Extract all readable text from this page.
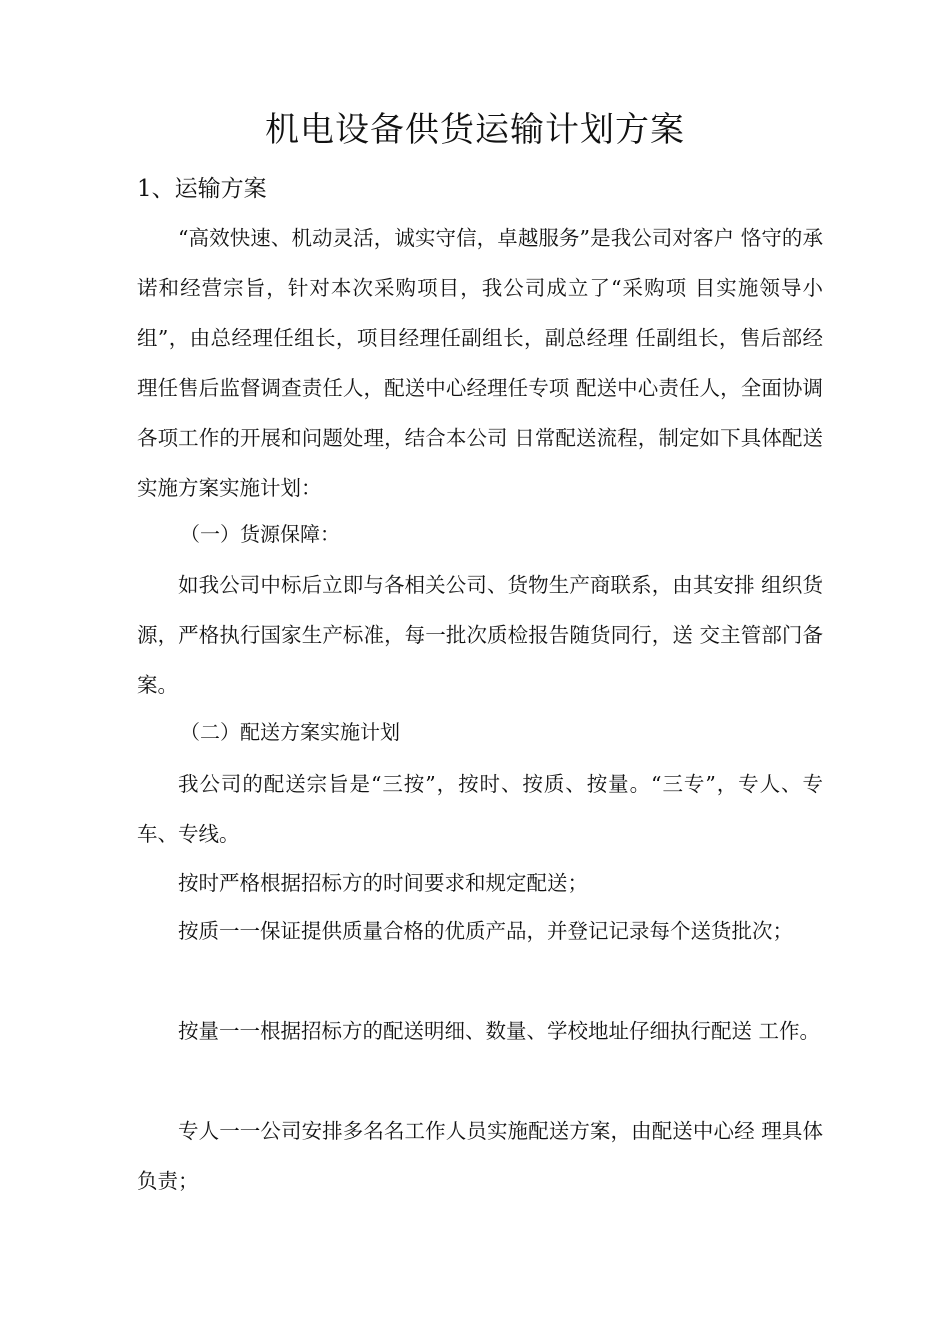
机电设备供货运输计划方案
1、运输方案

“高效快速、机动灵活，诚实守信，卓越服务”是我公司对客户 恪守的承诺和经营宗旨，针对本次采购项目，我公司成立了“采购项 目实施领导小组”，由总经理任组长，项目经理任副组长，副总经理 任副组长，售后部经理任售后监督调查责任人，配送中心经理任专项 配送中心责任人，全面协调各项工作的开展和问题处理，结合本公司 日常配送流程，制定如下具体配送实施方案实施计划：

（一）货源保障：

如我公司中标后立即与各相关公司、货物生产商联系，由其安排 组织货源，严格执行国家生产标准，每一批次质检报告随货同行，送 交主管部门备案。

（二）配送方案实施计划

我公司的配送宗旨是“三按”，按时、按质、按量。“三专”，专人、专车、专线。

按时严格根据招标方的时间要求和规定配送；

按质一一保证提供质量合格的优质产品，并登记记录每个送货批次；

按量一一根据招标方的配送明细、数量、学校地址仔细执行配送 工作。

专人一一公司安排多名名工作人员实施配送方案，由配送中心经 理具体负责；
